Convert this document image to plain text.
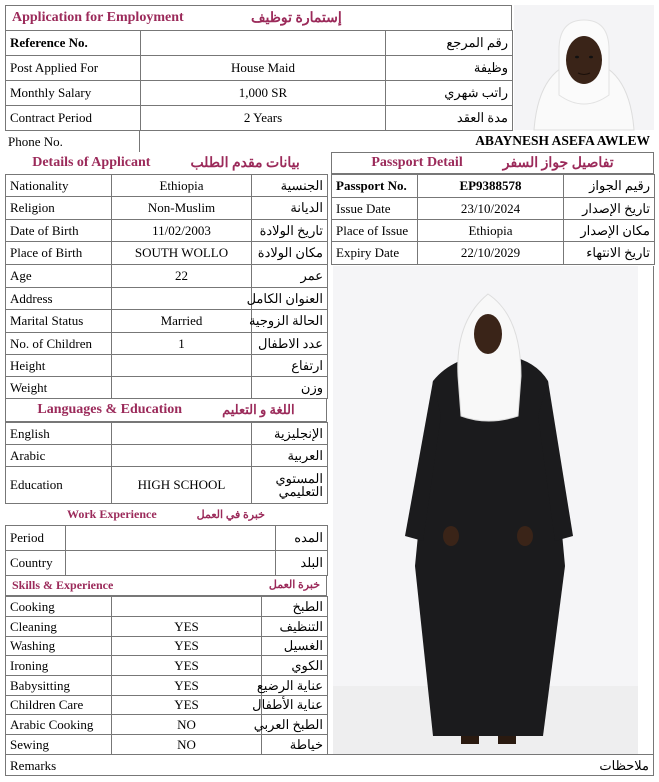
Application for Employment	إستمارة توظيف
Reference No.		رقم المرجع
Post Applied For	House Maid	وظيفة
Monthly Salary	1,000 SR	راتب شهري
Contract Period	2 Years	مدة العقد
Phone No.	ABAYNESH ASEFA AWLEW
Details of Applicant	بيانات مقدم الطلب	Passport Detail	تفاصيل جواز السفر
Nationality	Ethiopia	الجنسية
Religion	Non-Muslim	الديانة
Date of Birth	11/02/2003	تاريخ الولادة
Place of Birth	SOUTH WOLLO	مكان الولادة
Age	22	عمر
Address		العنوان الكامل
Marital Status	Married	الحالة الزوجية
No. of Children	1	عدد الاطفال
Height		ارتفاع
Weight		وزن
Passport No.	EP9388578	رقيم الجواز
Issue Date	23/10/2024	تاريخ الإصدار
Place of Issue	Ethiopia	مكان الإصدار
Expiry Date	22/10/2029	تاريخ الانتهاء
Languages & Education	اللغة و التعليم
English		الإنجليزية
Arabic		العربية
Education	HIGH SCHOOL	المستوي التعليمي
Work Experience	خبرة في العمل
Period		المده
Country		البلد
Skills & Experience	خبرة العمل
Cooking		الطبخ
Cleaning	YES	التنظيف
Washing	YES	الغسيل
Ironing	YES	الكوي
Babysitting	YES	عناية الرضيع
Children Care	YES	عناية الأطفال
Arabic Cooking	NO	الطبخ العربي
Sewing	NO	خياطة
Remarks	ملاحظات
